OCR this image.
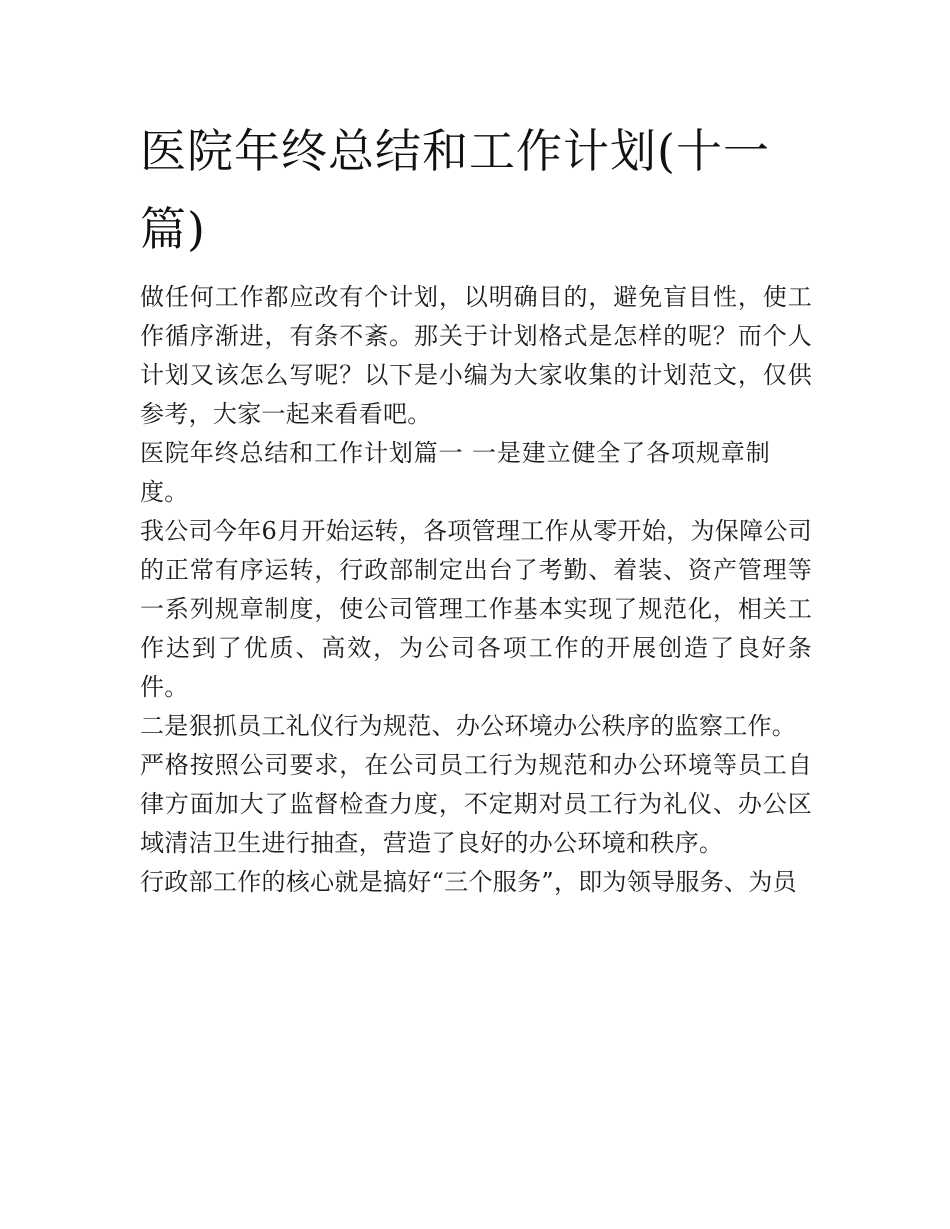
医院年终总结和工作计划(十一篇)

做任何工作都应改有个计划，以明确目的，避免盲目性，使工作循序渐进，有条不紊。那关于计划格式是怎样的呢？而个人计划又该怎么写呢？以下是小编为大家收集的计划范文，仅供参考，大家一起来看看吧。

医院年终总结和工作计划篇一 一是建立健全了各项规章制度。

我公司今年6月开始运转，各项管理工作从零开始，为保障公司的正常有序运转，行政部制定出台了考勤、着装、资产管理等一系列规章制度，使公司管理工作基本实现了规范化，相关工作达到了优质、高效，为公司各项工作的开展创造了良好条件。

二是狠抓员工礼仪行为规范、办公环境办公秩序的监察工作。

严格按照公司要求，在公司员工行为规范和办公环境等员工自律方面加大了监督检查力度，不定期对员工行为礼仪、办公区域清洁卫生进行抽查，营造了良好的办公环境和秩序。

行政部工作的核心就是搞好“三个服务”，即为领导服务、为员
